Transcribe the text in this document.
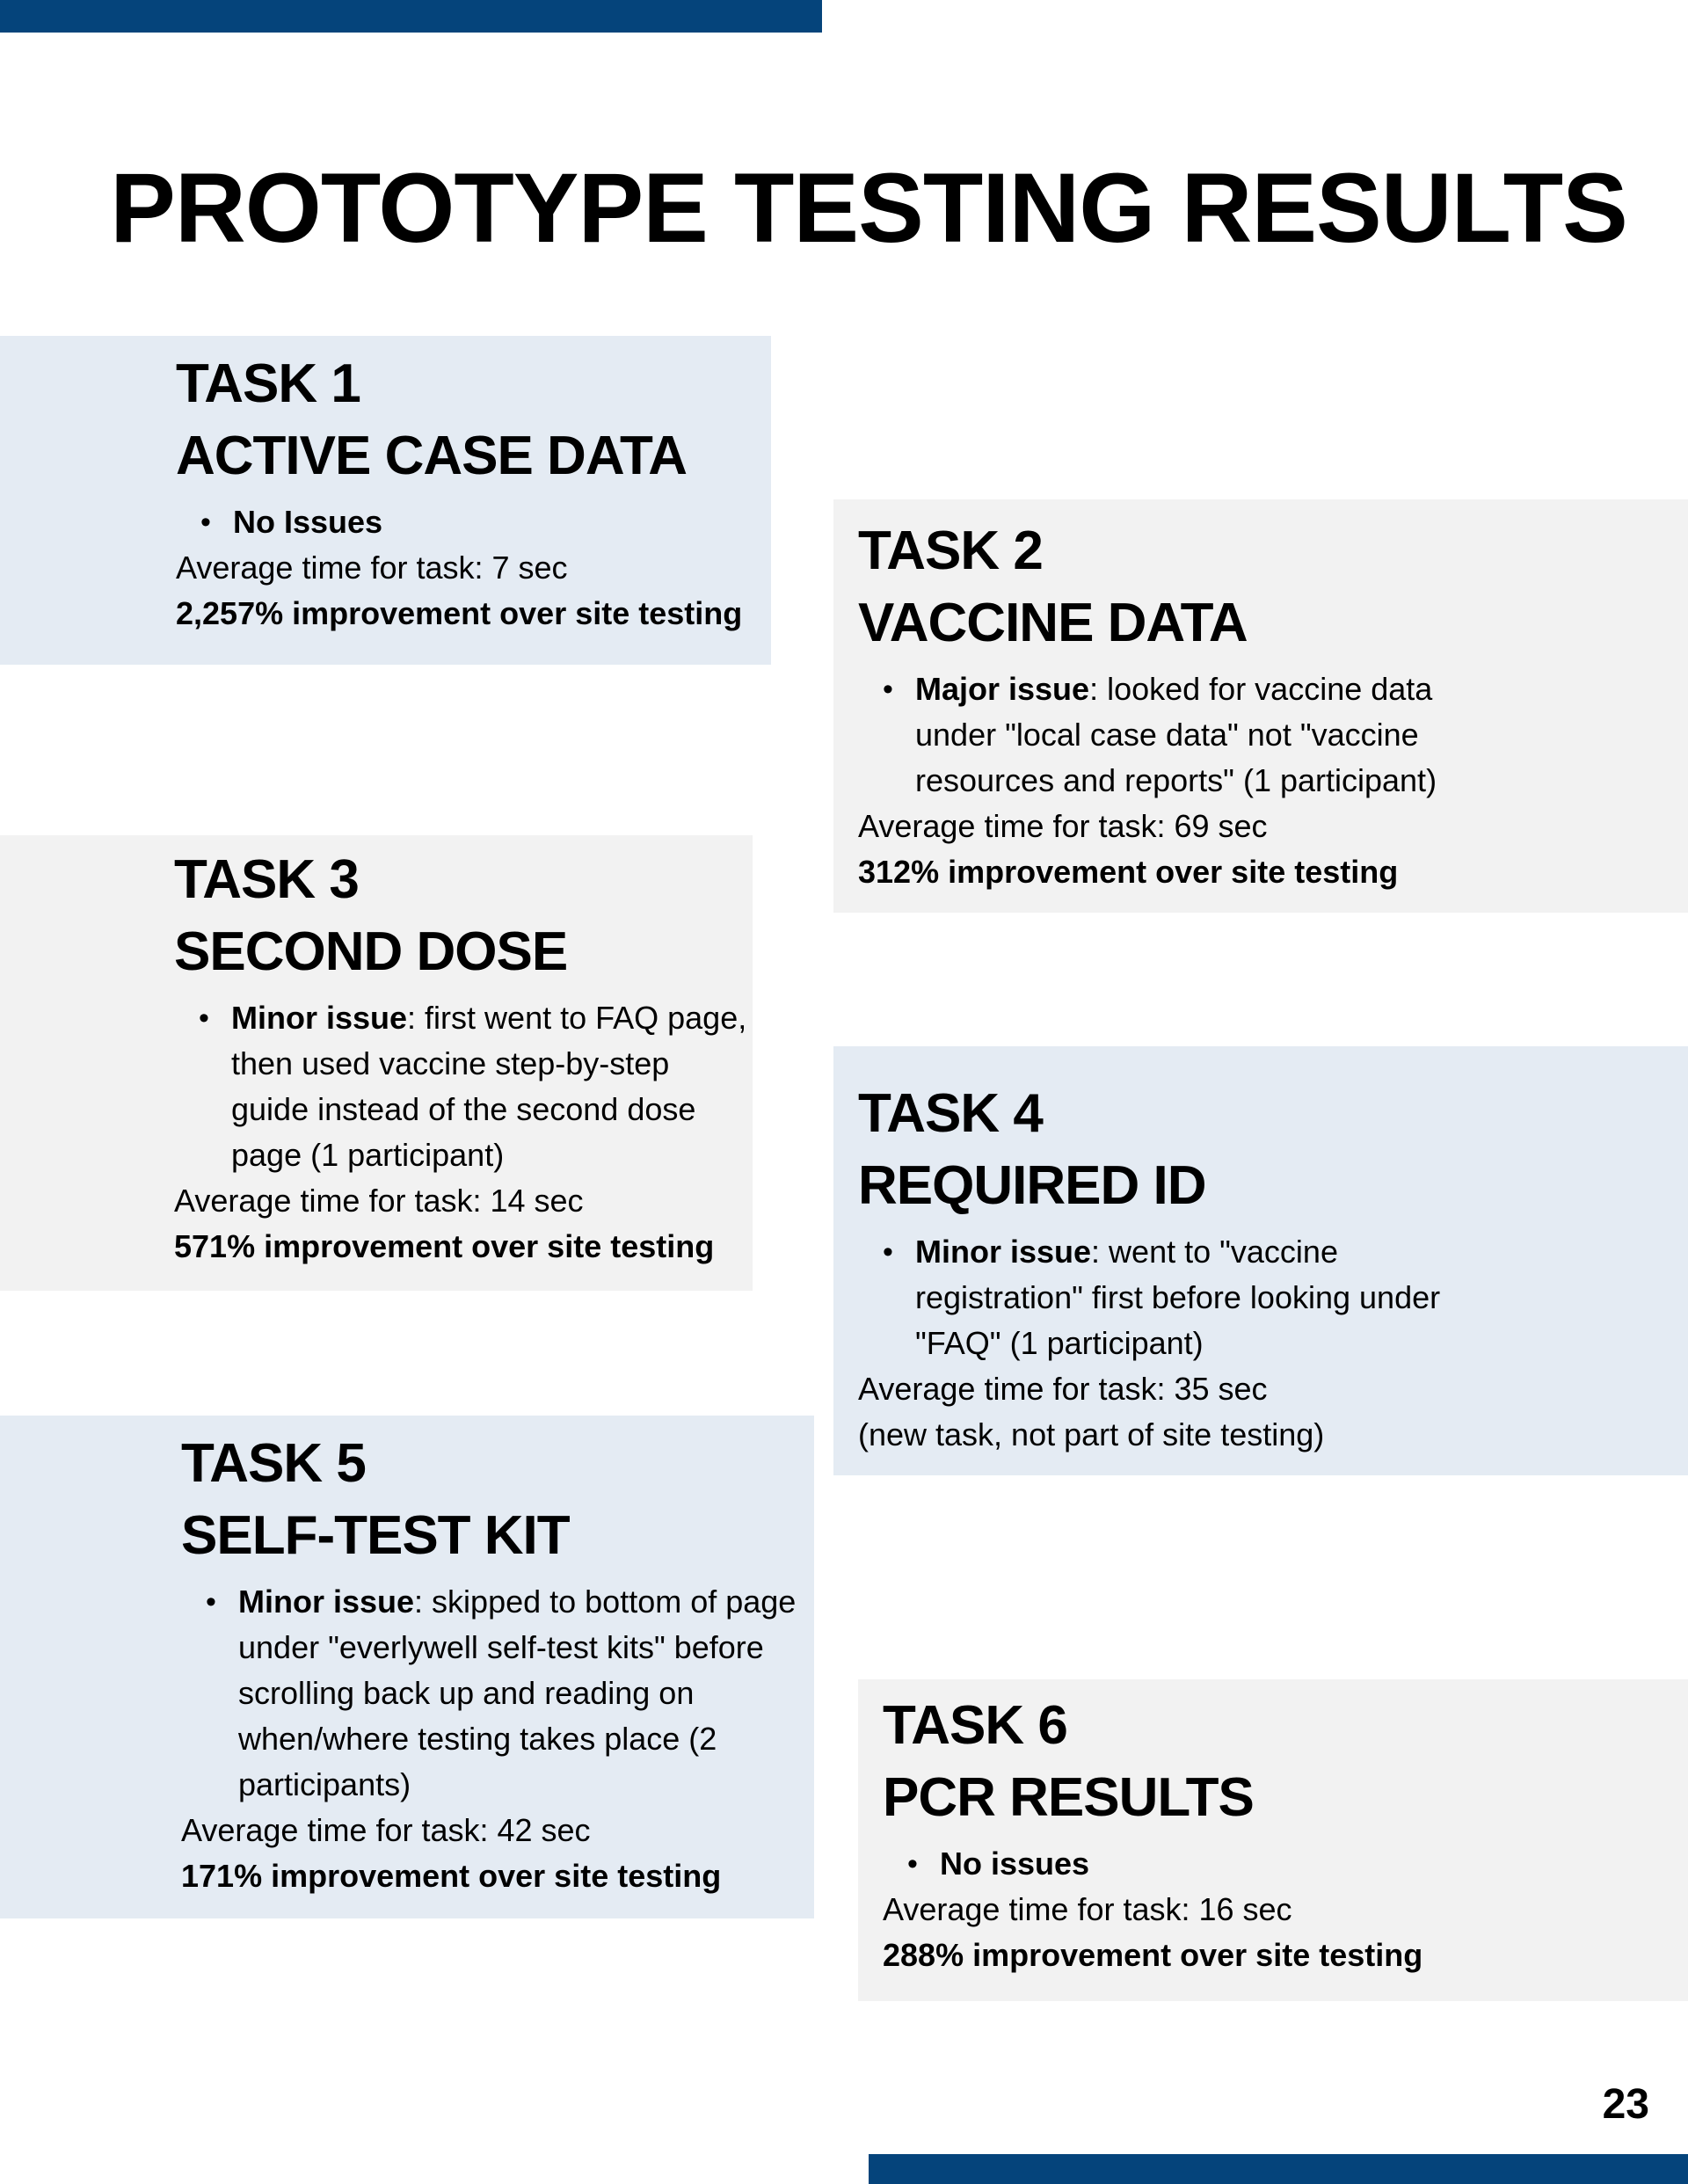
PROTOTYPE TESTING RESULTS
TASK 1
ACTIVE CASE DATA
• No Issues
Average time for task: 7 sec
2,257% improvement over site testing
TASK 2
VACCINE DATA
• Major issue: looked for vaccine data under "local case data" not "vaccine resources and reports" (1 participant)
Average time for task: 69 sec
312% improvement over site testing
TASK 3
SECOND DOSE
• Minor issue: first went to FAQ page, then used vaccine step-by-step guide instead of the second dose page (1 participant)
Average time for task: 14 sec
571% improvement over site testing
TASK 4
REQUIRED ID
• Minor issue: went to "vaccine registration" first before looking under "FAQ" (1 participant)
Average time for task: 35 sec
(new task, not part of site testing)
TASK 5
SELF-TEST KIT
• Minor issue: skipped to bottom of page under "everlywell self-test kits" before scrolling back up and reading on when/where testing takes place (2 participants)
Average time for task: 42 sec
171% improvement over site testing
TASK 6
PCR RESULTS
• No issues
Average time for task: 16 sec
288% improvement over site testing
23
